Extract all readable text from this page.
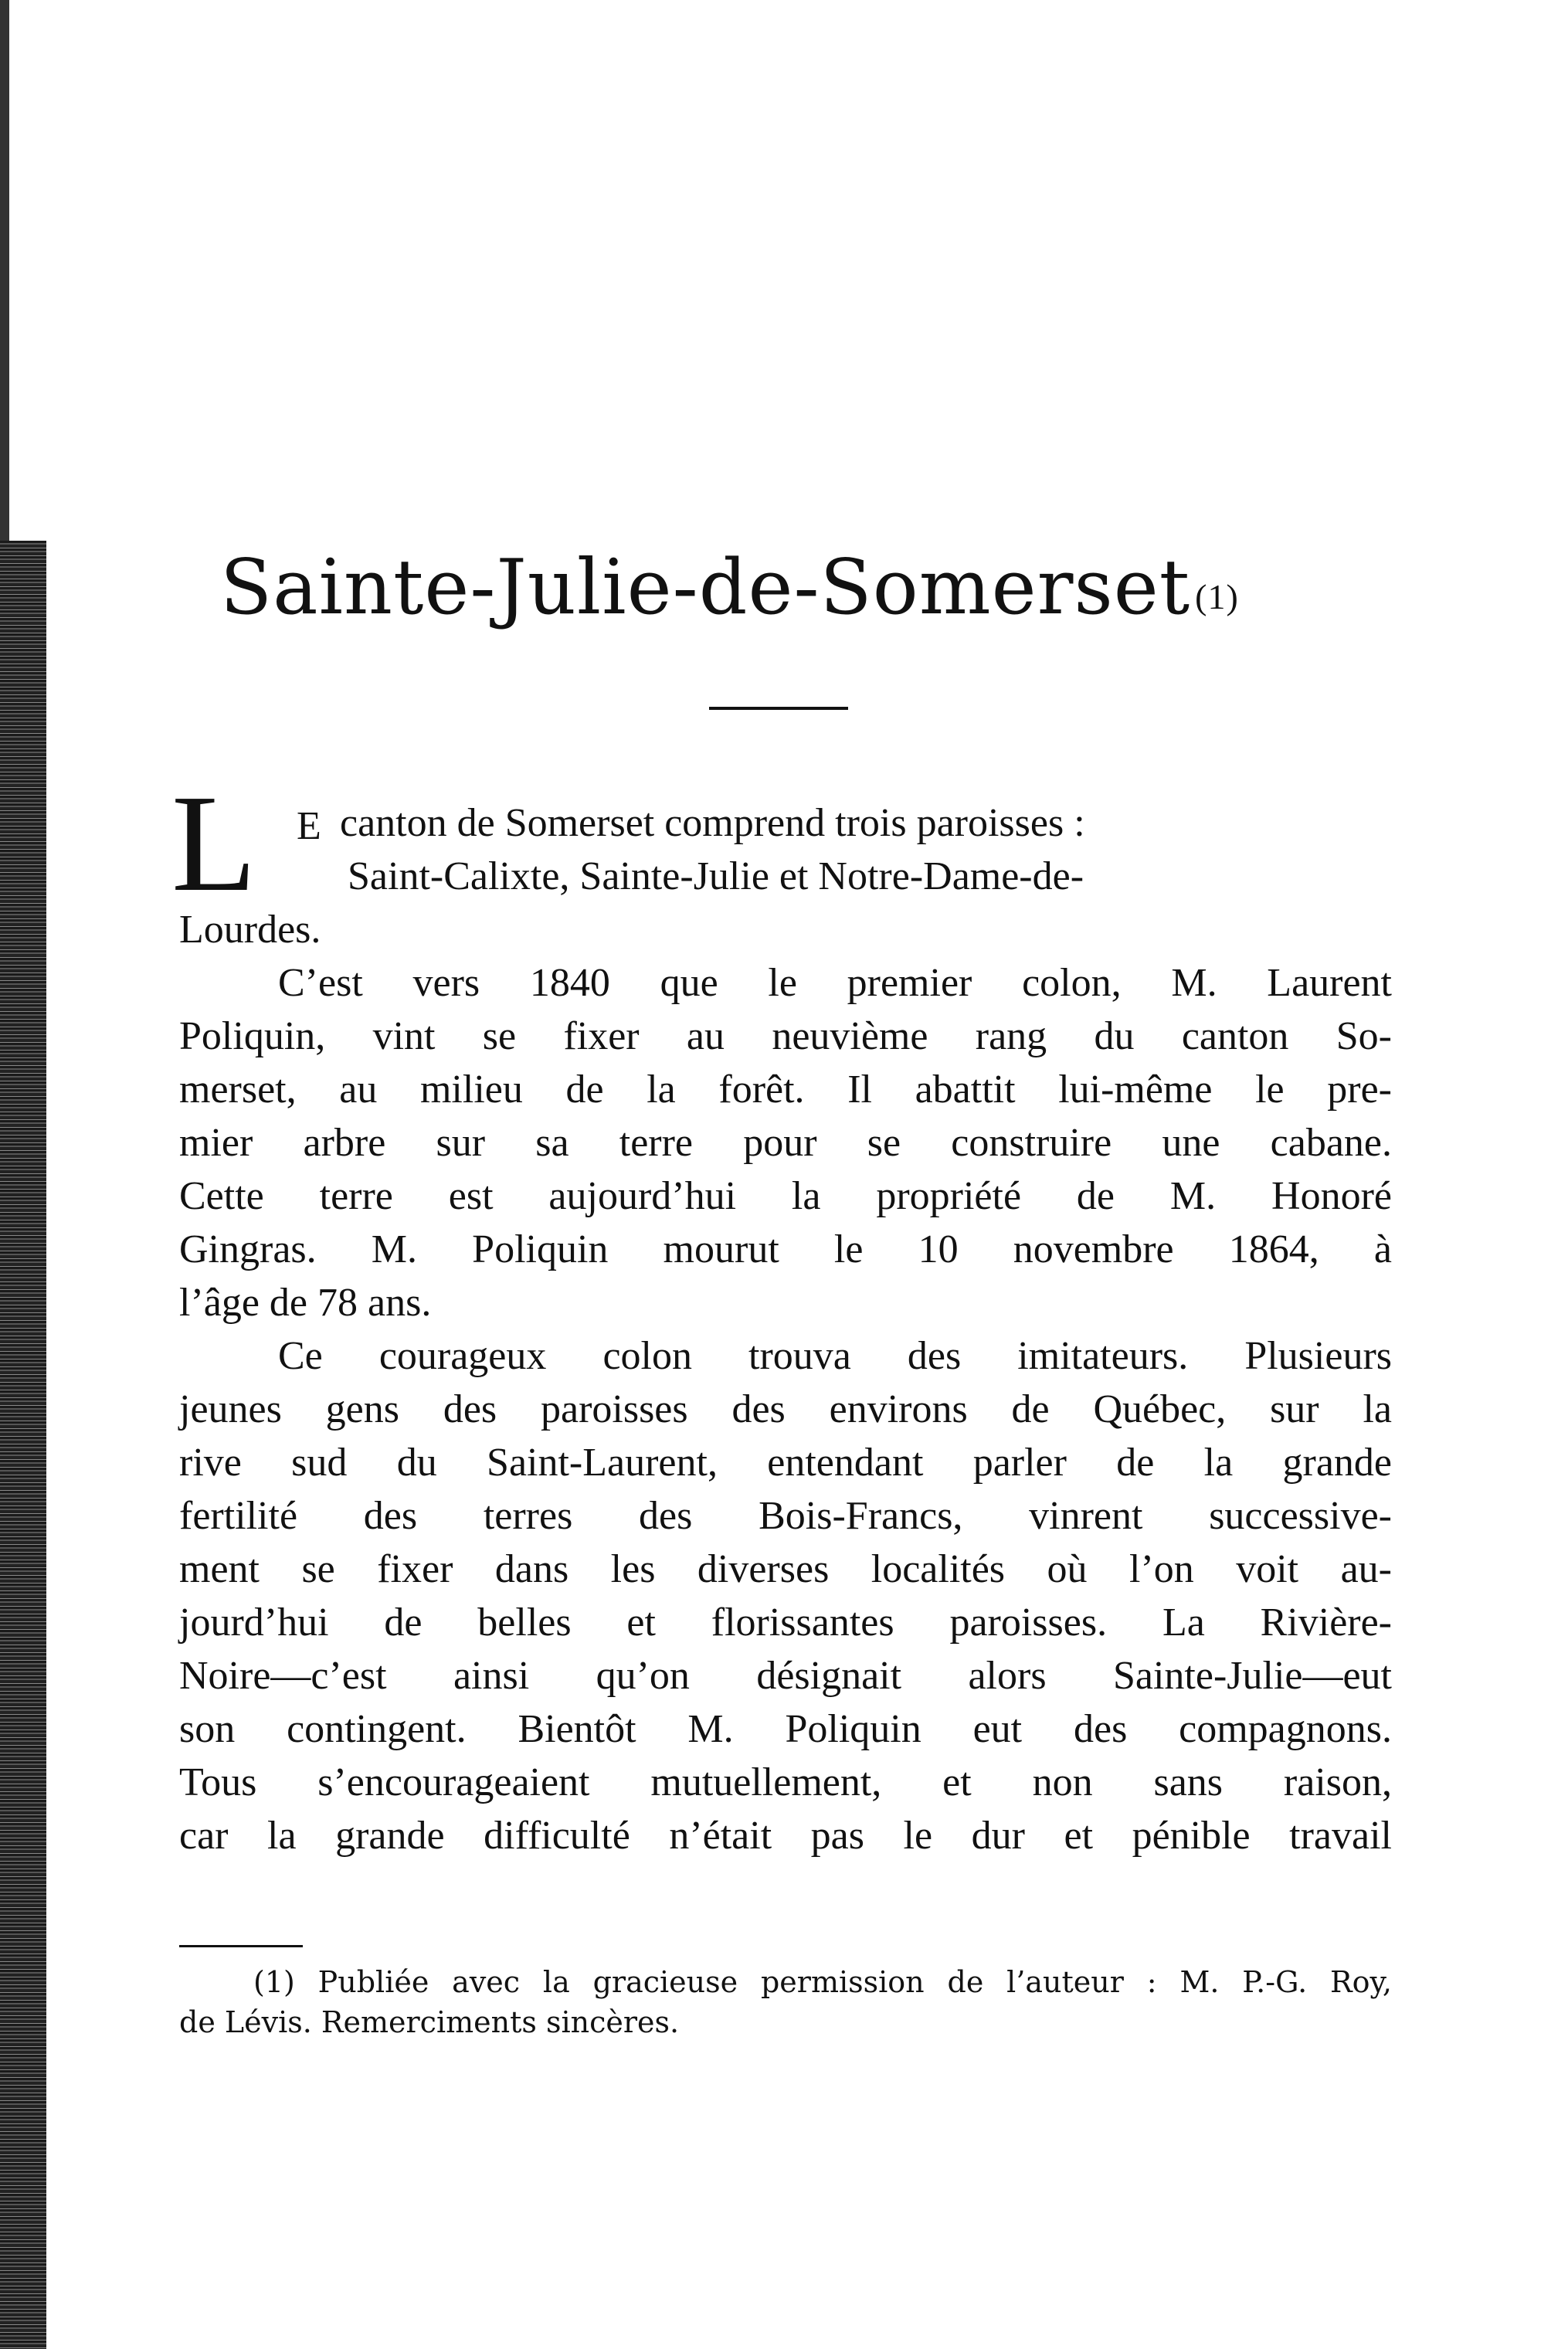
Sainte-Julie-de-Somerset (1)
L E canton de Somerset comprend trois paroisses :
Saint-Calixte, Sainte-Julie et Notre-Dame-de-
Lourdes.
C’est vers 1840 que le premier colon, M. Laurent
Poliquin, vint se fixer au neuvième rang du canton So-
merset, au milieu de la forêt. Il abattit lui-même le pre-
mier arbre sur sa terre pour se construire une cabane.
Cette terre est aujourd’hui la propriété de M. Honoré
Gingras. M. Poliquin mourut le 10 novembre 1864, à
l’âge de 78 ans.
Ce courageux colon trouva des imitateurs. Plusieurs
jeunes gens des paroisses des environs de Québec, sur la
rive sud du Saint-Laurent, entendant parler de la grande
fertilité des terres des Bois-Francs, vinrent successive-
ment se fixer dans les diverses localités où l’on voit au-
jourd’hui de belles et florissantes paroisses. La Rivière-
Noire—c’est ainsi qu’on désignait alors Sainte-Julie—eut
son contingent. Bientôt M. Poliquin eut des compagnons.
Tous s’encourageaient mutuellement, et non sans raison,
car la grande difficulté n’était pas le dur et pénible travail
(1) Publiée avec la gracieuse permission de l’auteur : M. P.-G. Roy,
de Lévis. Remerciments sincères.
